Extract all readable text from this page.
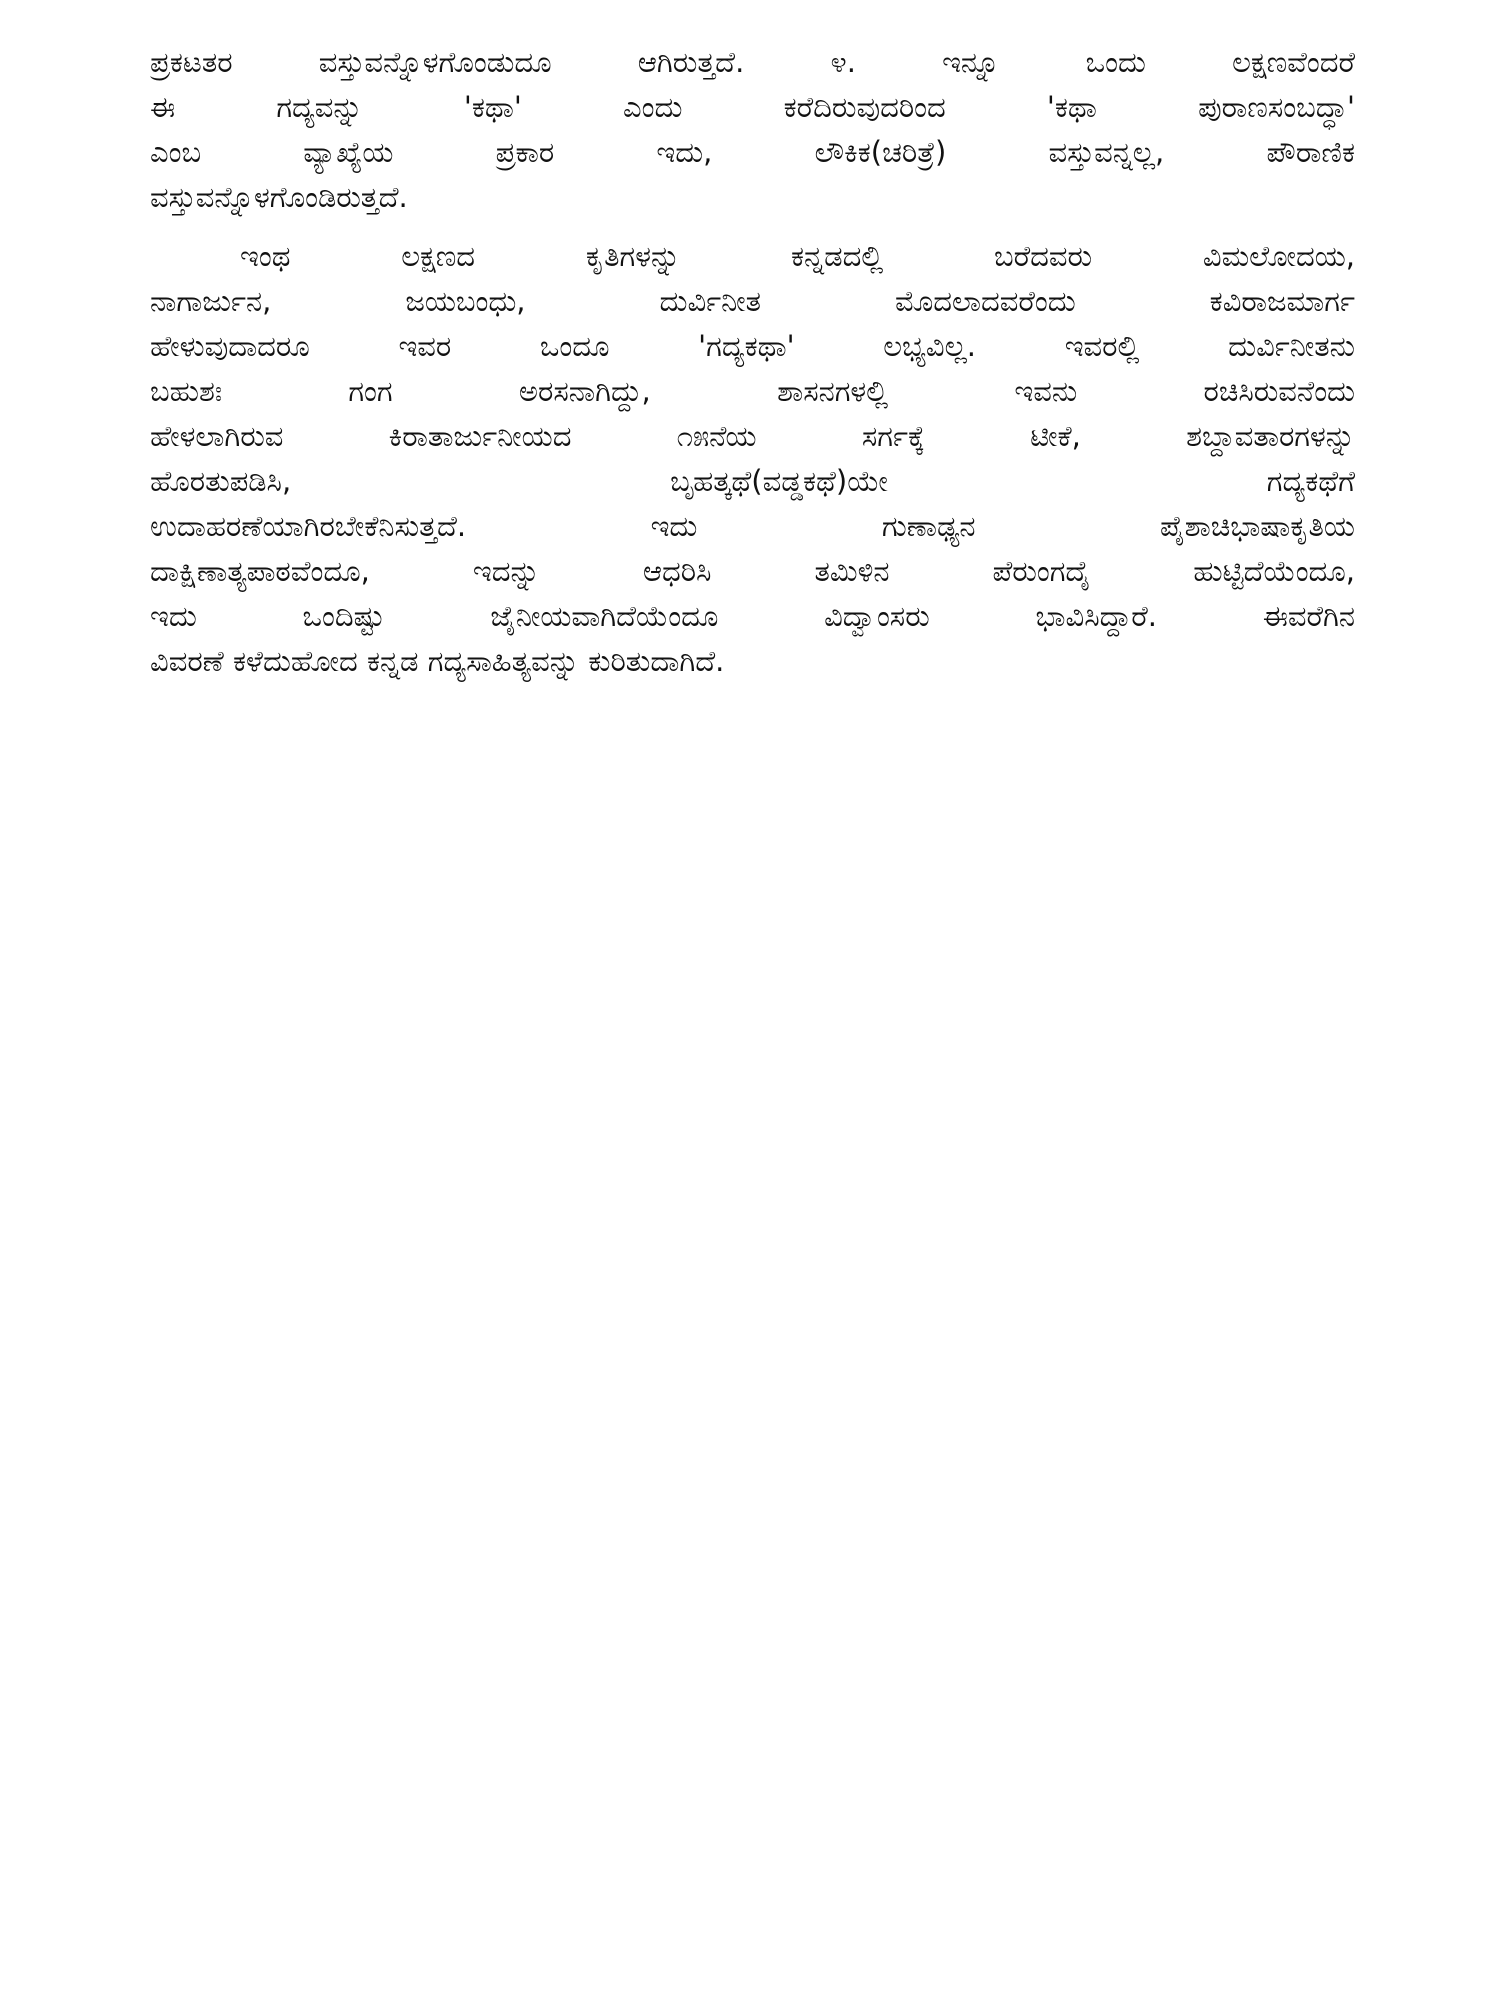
ಪ್ರಕಟತರ ವಸ್ತುವನ್ನೊಳಗೊಂಡುದೂ ಆಗಿರುತ್ತದೆ. ೪. ಇನ್ನೂ ಒಂದು ಲಕ್ಷಣವೆಂದರೆ
ಈ ಗದ್ಯವನ್ನು 'ಕಥಾ' ಎಂದು ಕರೆದಿರುವುದರಿಂದ 'ಕಥಾ ಪುರಾಣಸಂಬದ್ಧಾ'
ಎಂಬ ವ್ಯಾಖ್ಯೆಯ ಪ್ರಕಾರ ಇದು, ಲೌಕಿಕ(ಚರಿತ್ರೆ) ವಸ್ತುವನ್ನಲ್ಲ, ಪೌರಾಣಿಕ
ವಸ್ತುವನ್ನೊಳಗೊಂಡಿರುತ್ತದೆ.
ಇಂಥ ಲಕ್ಷಣದ ಕೃತಿಗಳನ್ನು ಕನ್ನಡದಲ್ಲಿ ಬರೆದವರು ವಿಮಲೋದಯ,
ನಾಗಾರ್ಜುನ, ಜಯಬಂಧು, ದುರ್ವಿನೀತ ಮೊದಲಾದವರೆಂದು ಕವಿರಾಜಮಾರ್ಗ
ಹೇಳುವುದಾದರೂ ಇವರ ಒಂದೂ 'ಗದ್ಯಕಥಾ' ಲಭ್ಯವಿಲ್ಲ. ಇವರಲ್ಲಿ ದುರ್ವಿನೀತನು
ಬಹುಶಃ ಗಂಗ ಅರಸನಾಗಿದ್ದು, ಶಾಸನಗಳಲ್ಲಿ ಇವನು ರಚಿಸಿರುವನೆಂದು
ಹೇಳಲಾಗಿರುವ ಕಿರಾತಾರ್ಜುನೀಯದ ೧೫ನೆಯ ಸರ್ಗಕ್ಕೆ ಟೀಕೆ, ಶಬ್ದಾವತಾರಗಳನ್ನು
ಹೊರತುಪಡಿಸಿ, ಬೃಹತ್ಕಥೆ(ವಡ್ಡಕಥೆ)ಯೇ ಗದ್ಯಕಥೆಗೆ
ಉದಾಹರಣೆಯಾಗಿರಬೇಕೆನಿಸುತ್ತದೆ. ಇದು ಗುಣಾಢ್ಯನ ಪೈಶಾಚಿಭಾಷಾಕೃತಿಯ
ದಾಕ್ಷಿಣಾತ್ಯಪಾಠವೆಂದೂ, ಇದನ್ನು ಆಧರಿಸಿ ತಮಿಳಿನ ಪೆರುಂಗದೈ ಹುಟ್ಟಿದೆಯೆಂದೂ,
ಇದು ಒಂದಿಷ್ಟು ಜೈನೀಯವಾಗಿದೆಯೆಂದೂ ವಿದ್ವಾಂಸರು ಭಾವಿಸಿದ್ದಾರೆ. ಈವರೆಗಿನ
ವಿವರಣೆ ಕಳೆದುಹೋದ ಕನ್ನಡ ಗದ್ಯಸಾಹಿತ್ಯವನ್ನು ಕುರಿತುದಾಗಿದೆ.
